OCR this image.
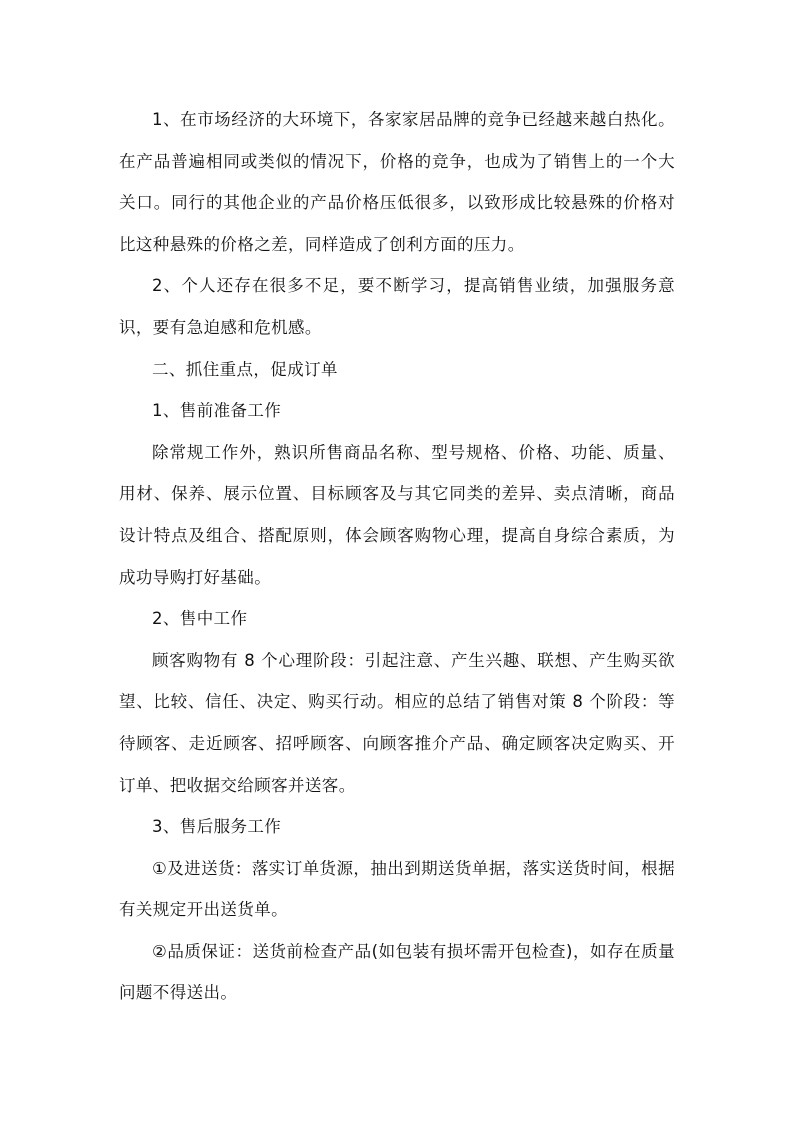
1、在市场经济的大环境下，各家家居品牌的竞争已经越来越白热化。在产品普遍相同或类似的情况下，价格的竞争，也成为了销售上的一个大关口。同行的其他企业的产品价格压低很多，以致形成比较悬殊的价格对比这种悬殊的价格之差，同样造成了创利方面的压力。

2、个人还存在很多不足，要不断学习，提高销售业绩，加强服务意识，要有急迫感和危机感。

二、抓住重点，促成订单

1、售前准备工作

除常规工作外，熟识所售商品名称、型号规格、价格、功能、质量、用材、保养、展示位置、目标顾客及与其它同类的差异、卖点清晰，商品设计特点及组合、搭配原则，体会顾客购物心理，提高自身综合素质，为成功导购打好基础。

2、售中工作

顾客购物有 8 个心理阶段：引起注意、产生兴趣、联想、产生购买欲望、比较、信任、决定、购买行动。相应的总结了销售对策 8 个阶段：等待顾客、走近顾客、招呼顾客、向顾客推介产品、确定顾客决定购买、开订单、把收据交给顾客并送客。

3、售后服务工作

①及进送货：落实订单货源，抽出到期送货单据，落实送货时间，根据有关规定开出送货单。

②品质保证：送货前检查产品(如包装有损坏需开包检查)，如存在质量问题不得送出。
